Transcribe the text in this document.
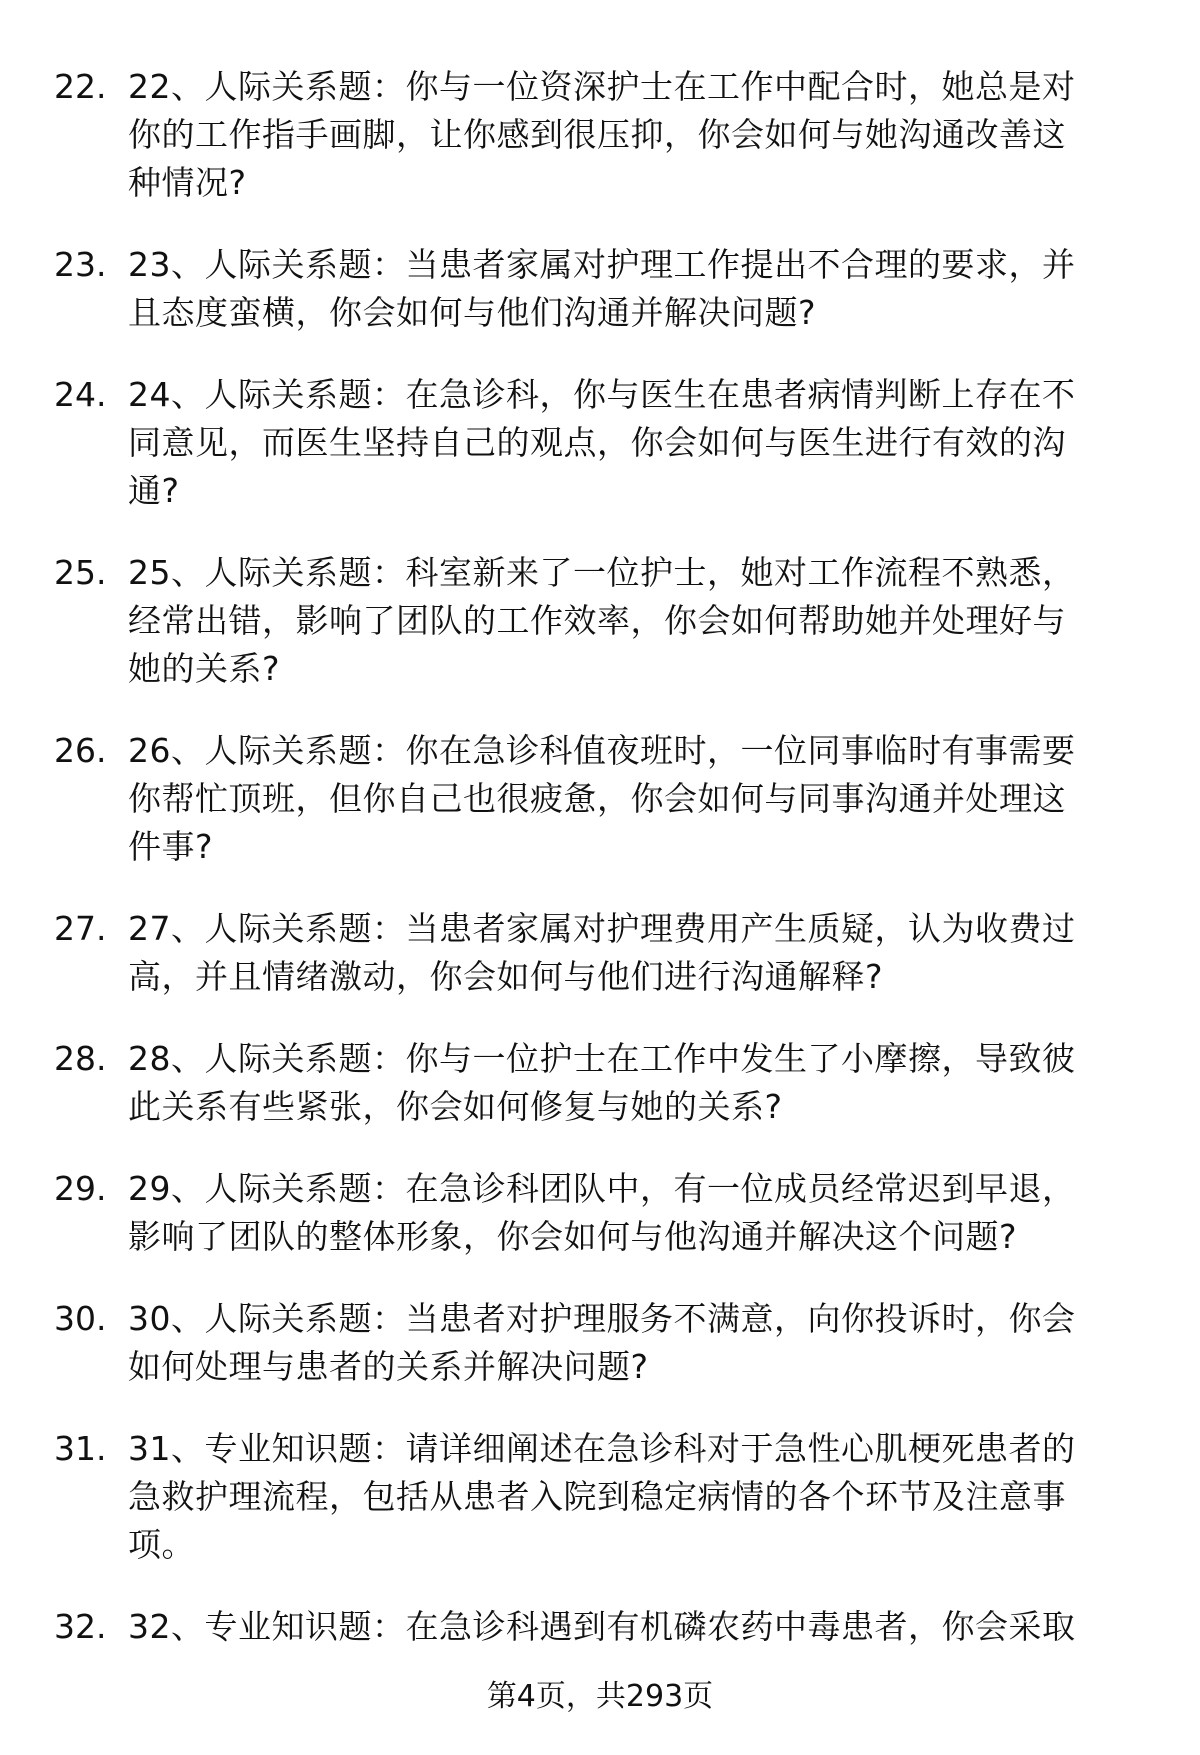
22. 22、人际关系题：你与一位资深护士在工作中配合时，她总是对
你的工作指手画脚，让你感到很压抑，你会如何与她沟通改善这
种情况?
23. 23、人际关系题：当患者家属对护理工作提出不合理的要求，并
且态度蛮横，你会如何与他们沟通并解决问题?
24. 24、人际关系题：在急诊科，你与医生在患者病情判断上存在不
同意见，而医生坚持自己的观点，你会如何与医生进行有效的沟
通?
25. 25、人际关系题：科室新来了一位护士，她对工作流程不熟悉，
经常出错，影响了团队的工作效率，你会如何帮助她并处理好与
她的关系?
26. 26、人际关系题：你在急诊科值夜班时，一位同事临时有事需要
你帮忙顶班，但你自己也很疲惫，你会如何与同事沟通并处理这
件事?
27. 27、人际关系题：当患者家属对护理费用产生质疑，认为收费过
高，并且情绪激动，你会如何与他们进行沟通解释?
28. 28、人际关系题：你与一位护士在工作中发生了小摩擦，导致彼
此关系有些紧张，你会如何修复与她的关系?
29. 29、人际关系题：在急诊科团队中，有一位成员经常迟到早退，
影响了团队的整体形象，你会如何与他沟通并解决这个问题?
30. 30、人际关系题：当患者对护理服务不满意，向你投诉时，你会
如何处理与患者的关系并解决问题?
31. 31、专业知识题：请详细阐述在急诊科对于急性心肌梗死患者的
急救护理流程，包括从患者入院到稳定病情的各个环节及注意事
项。
32. 32、专业知识题：在急诊科遇到有机磷农药中毒患者，你会采取
第4页，共293页
